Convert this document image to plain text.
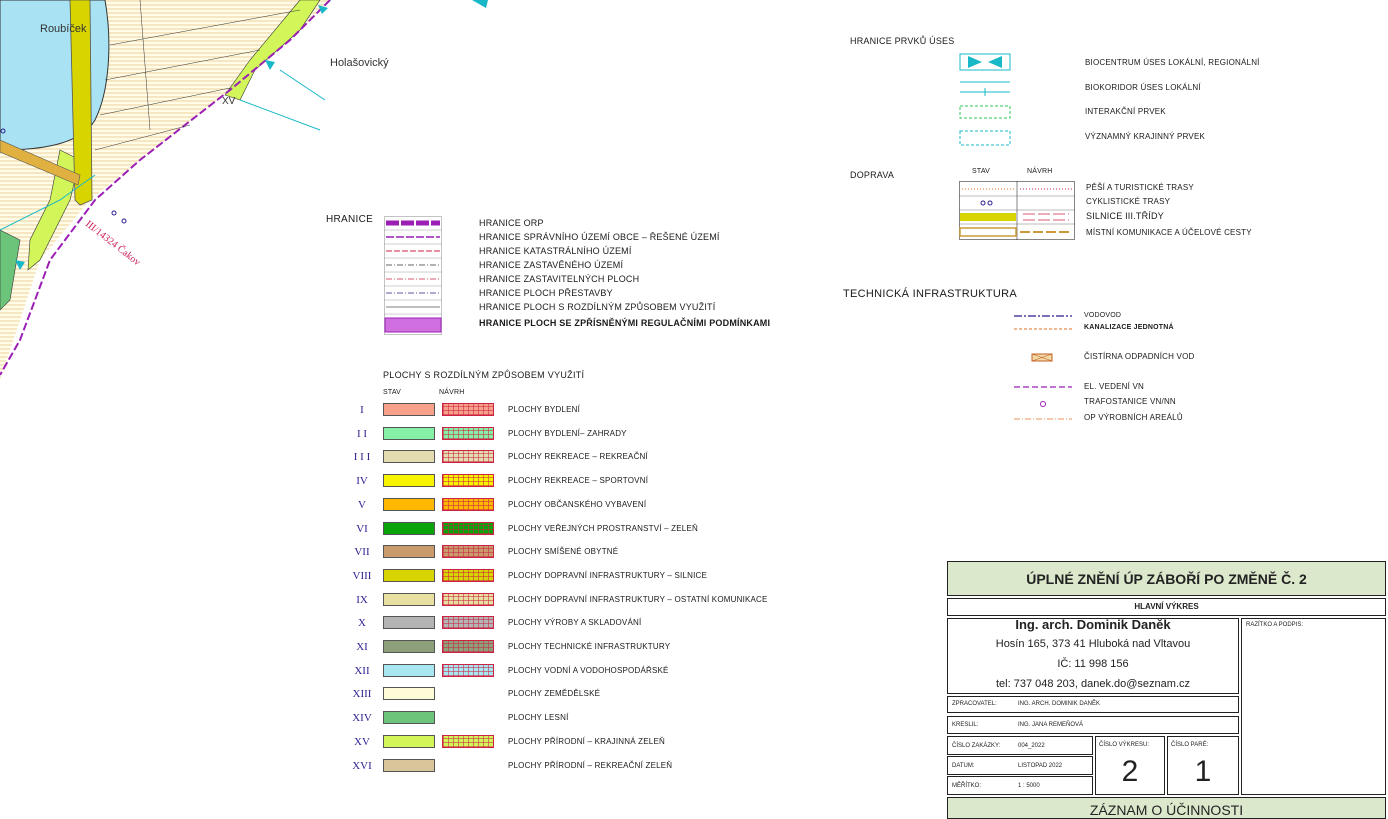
Roubíček
Holašovický
XV
III/14324 Čakov	HRANICE	HRANICE ORP
HRANICE SPRÁVNÍHO ÚZEMÍ OBCE – ŘEŠENÉ ÚZEMÍ
HRANICE KATASTRÁLNÍHO ÚZEMÍ
HRANICE ZASTAVĚNÉHO ÚZEMÍ
HRANICE ZASTAVITELNÝCH PLOCH
HRANICE PLOCH PŘESTAVBY
HRANICE PLOCH S ROZDÍLNÝM ZPŮSOBEM VYUŽITÍ
HRANICE PLOCH SE ZPŘÍSNĚNÝMI REGULAČNÍMI PODMÍNKAMI
PLOCHY S ROZDÍLNÝM ZPŮSOBEM VYUŽITÍ
STAV	NÁVRH
I	PLOCHY BYDLENÍ
I I	PLOCHY BYDLENÍ– ZAHRADY
I I I	PLOCHY REKREACE – REKREAČNÍ
IV	PLOCHY REKREACE – SPORTOVNÍ
V	PLOCHY OBČANSKÉHO VYBAVENÍ
VI	PLOCHY VEŘEJNÝCH PROSTRANSTVÍ – ZELEŇ
VII	PLOCHY SMÍŠENÉ OBYTNÉ
VIII	PLOCHY DOPRAVNÍ INFRASTRUKTURY – SILNICE
IX	PLOCHY DOPRAVNÍ INFRASTRUKTURY – OSTATNÍ KOMUNIKACE
X	PLOCHY VÝROBY A SKLADOVÁNÍ
XI	PLOCHY TECHNICKÉ INFRASTRUKTURY
XII	PLOCHY VODNÍ A VODOHOSPODÁŘSKÉ
XIII	PLOCHY ZEMĚDĚLSKÉ
XIV	PLOCHY LESNÍ
XV	PLOCHY PŘÍRODNÍ – KRAJINNÁ ZELEŇ
XVI	PLOCHY PŘÍRODNÍ – REKREAČNÍ ZELEŇ
HRANICE PRVKŮ ÚSES
BIOCENTRUM ÚSES LOKÁLNÍ, REGIONÁLNÍ
BIOKORIDOR ÚSES LOKÁLNÍ
INTERAKČNÍ PRVEK
VÝZNAMNÝ KRAJINNÝ PRVEK
DOPRAVA	STAV	NÁVRH
PĚŠÍ A TURISTICKÉ TRASY
CYKLISTICKÉ TRASY
SILNICE III.TŘÍDY
MÍSTNÍ KOMUNIKACE A ÚČELOVÉ CESTY
TECHNICKÁ INFRASTRUKTURA
VODOVOD
KANALIZACE JEDNOTNÁ
ČISTÍRNA ODPADNÍCH VOD
EL. VEDENÍ VN
TRAFOSTANICE VN/NN
OP VÝROBNÍCH AREÁLŮ
ÚPLNÉ ZNĚNÍ ÚP ZÁBOŘÍ PO ZMĚNĚ Č. 2
HLAVNÍ VÝKRES
Ing. arch. Dominik Daněk
Hosín 165, 373 41 Hluboká nad Vltavou
IČ: 11 998 156
tel: 737 048 203, danek.do@seznam.cz
RAZÍTKO A PODPIS:
ZPRACOVATEL:	ING. ARCH. DOMINIK DANĚK
KRESLIL:	ING. JANA REMEŇOVÁ
ČÍSLO ZAKÁZKY:	004_2022
DATUM:	LISTOPAD 2022
MĚŘÍTKO:	1 : 5000
ČÍSLO VÝKRESU:
2
ČÍSLO PARÉ:
1
ZÁZNAM O ÚČINNOSTI
